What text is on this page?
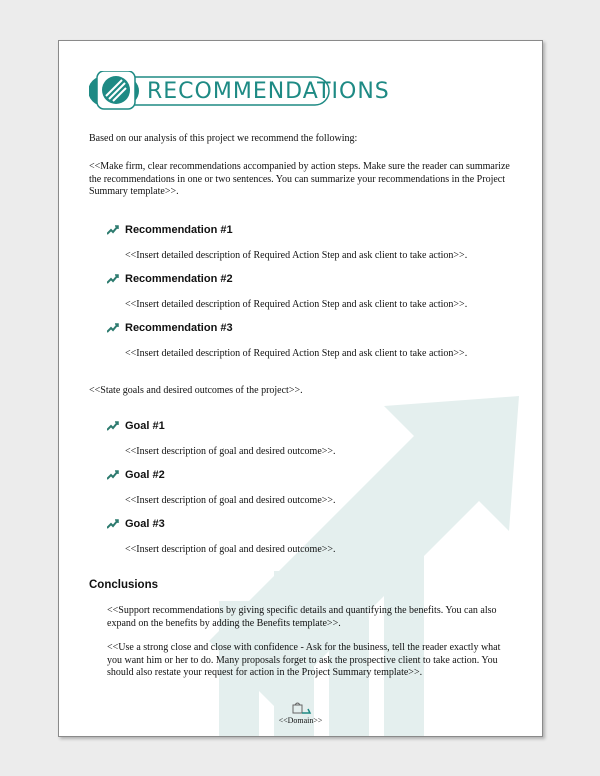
RECOMMENDATIONS

Based on our analysis of this project we recommend the following:

<<Make firm, clear recommendations accompanied by action steps. Make sure the reader can summarize the recommendations in one or two sentences. You can summarize your recommendations in the Project Summary template>>.

Recommendation #1
<<Insert detailed description of Required Action Step and ask client to take action>>.
Recommendation #2
<<Insert detailed description of Required Action Step and ask client to take action>>.
Recommendation #3
<<Insert detailed description of Required Action Step and ask client to take action>>.

<<State goals and desired outcomes of the project>>.

Goal #1
<<Insert description of goal and desired outcome>>.
Goal #2
<<Insert description of goal and desired outcome>>.
Goal #3
<<Insert description of goal and desired outcome>>.
Conclusions

<<Support recommendations by giving specific details and quantifying the benefits. You can also expand on the benefits by adding the Benefits template>>.

<<Use a strong close and close with confidence - Ask for the business, tell the reader exactly what you want him or her to do. Many proposals forget to ask the prospective client to take action. You should also restate your request for action in the Project Summary template>>.

<<Domain>>
